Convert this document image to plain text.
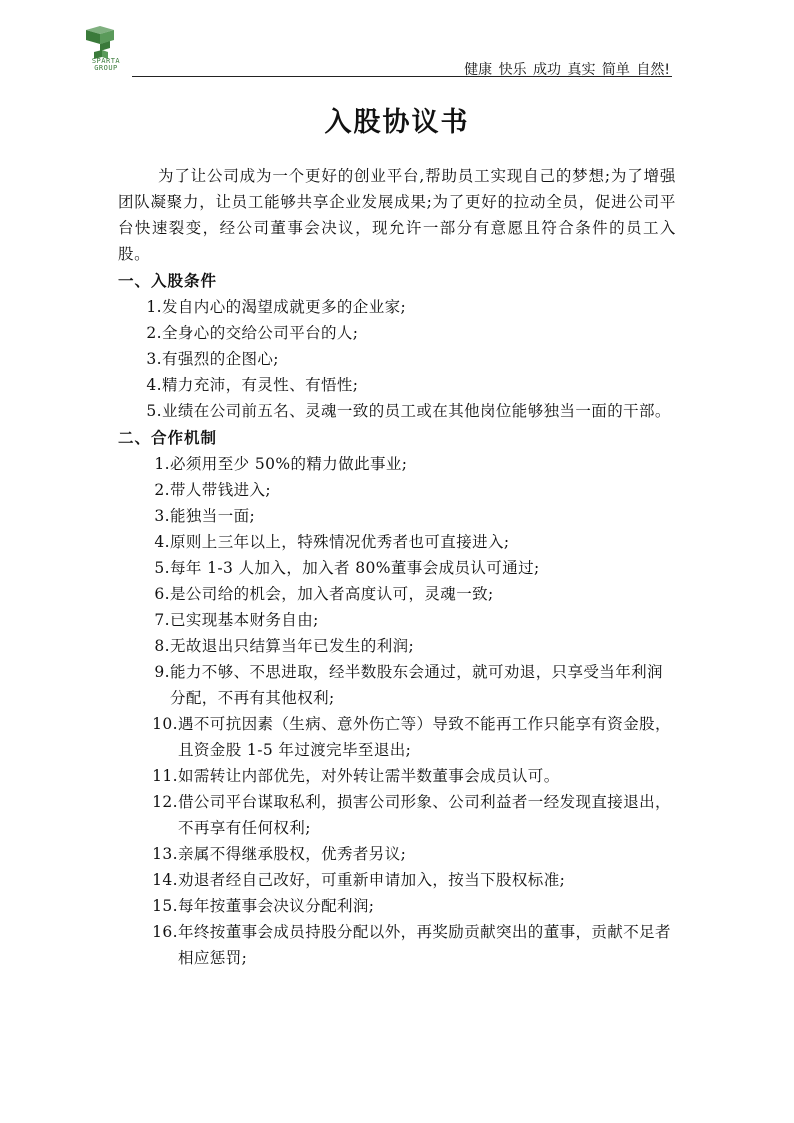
SPARTA GROUP	健康 快乐 成功 真实 简单 自然!
入股协议书

为了让公司成为一个更好的创业平台,帮助员工实现自己的梦想;为了增强团队凝聚力，让员工能够共享企业发展成果;为了更好的拉动全员，促进公司平台快速裂变，经公司董事会决议，现允许一部分有意愿且符合条件的员工入股。

一、入股条件
1. 发自内心的渴望成就更多的企业家;
2. 全身心的交给公司平台的人;
3. 有强烈的企图心;
4. 精力充沛，有灵性、有悟性;
5. 业绩在公司前五名、灵魂一致的员工或在其他岗位能够独当一面的干部。
二、合作机制
1. 必须用至少 50%的精力做此事业;
2. 带人带钱进入;
3. 能独当一面;
4. 原则上三年以上，特殊情况优秀者也可直接进入;
5. 每年 1-3 人加入，加入者 80%董事会成员认可通过;
6. 是公司给的机会，加入者高度认可，灵魂一致;
7. 已实现基本财务自由;
8. 无故退出只结算当年已发生的利润;
9. 能力不够、不思进取，经半数股东会通过，就可劝退，只享受当年利润分配，不再有其他权利;
10. 遇不可抗因素（生病、意外伤亡等）导致不能再工作只能享有资金股，且资金股 1-5 年过渡完毕至退出;
11. 如需转让内部优先，对外转让需半数董事会成员认可。
12. 借公司平台谋取私利，损害公司形象、公司利益者一经发现直接退出，不再享有任何权利;
13. 亲属不得继承股权，优秀者另议;
14. 劝退者经自己改好，可重新申请加入，按当下股权标准;
15. 每年按董事会决议分配利润;
16. 年终按董事会成员持股分配以外，再奖励贡献突出的董事，贡献不足者相应惩罚;
